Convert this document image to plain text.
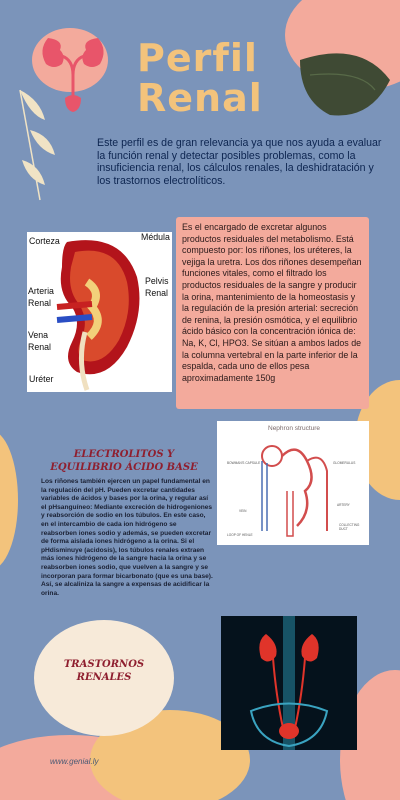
Perfil
Renal
Este perfil es de gran relevancia ya que nos ayuda a evaluar la función renal y detectar posibles problemas, como la insuficiencia renal, los cálculos renales, la deshidratación y los trastornos electrolíticos.
Corteza	Médula
Pelvis
Renal
Arteria
Renal
Vena
Renal
Uréter
Es el encargado de excretar algunos productos residuales del metabolismo. Está compuesto por: los riñones, los uréteres, la vejiga la uretra. Los dos riñones desempeñan funciones vitales, como el filtrado los productos residuales de la sangre y producir la orina, mantenimiento de la homeostasis y la regulación de la presión arterial: secreción de renina, la presión osmótica, y el equilibrio ácido básico con la concentración iónica de: Na, K, Cl, HPO3. Se sitúan a ambos lados de la columna vertebral en la parte inferior de la espalda, cada uno de ellos pesa aproximadamente 150g
ELECTROLITOS Y
EQUILIBRIO ÁCIDO BASE
Los riñones también ejercen un papel fundamental en la regulación del pH. Pueden excretar cantidades variables de ácidos y bases por la orina, y regular así el pHsanguíneo: Mediante excreción de hidrogeniones y reabsorción de sodio en los túbulos. En este caso, en el intercambio de cada ion hidrógeno se reabsorben iones sodio y además, se pueden excretar de forma aislada iones hidrógeno a la orina. Si el pHdisminuye (acidosis), los túbulos renales extraen más iones hidrógeno de la sangre hacia la orina y se reabsorben iones sodio, que vuelven a la sangre y se incorporan para formar bicarbonato (que es una base). Así, se alcaliniza la sangre a expensas de acidificar la orina.
Nephron structure
BOWMAN'S CAPSULE	GLOMERULUS
VEIN
LOOP OF HENLE
ARTERY
COLLECTING DUCT
TRASTORNOS
RENALES
www.genial.ly
